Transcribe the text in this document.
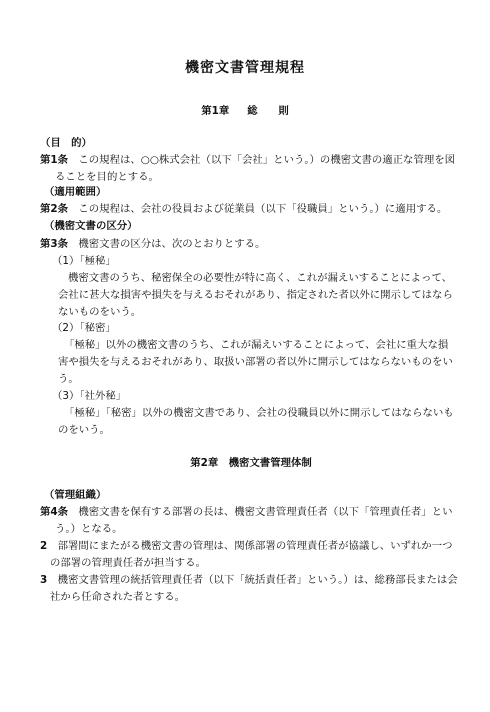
機密文書管理規程
第1章 総　　則
（目　的）
第1条　 この規程は、○○株式会社（以下「会社」という。）の機密文書の適正な管理を図
ることを目的とする。
（適用範囲）
第2条　 この規程は、会社の役員および従業員（以下「役職員」という。）に適用する。
（機密文書の区分）
第3条　 機密文書の区分は、次のとおりとする。
（1）「極秘」
機密文書のうち、秘密保全の必要性が特に高く、これが漏えいすることによって、
会社に甚大な損害や損失を与えるおそれがあり、指定された者以外に開示してはなら
ないものをいう。
（2）「秘密」
「極秘」以外の機密文書のうち、これが漏えいすることによって、会社に重大な損
害や損失を与えるおそれがあり、取扱い部署の者以外に開示してはならないものをい
う。
（3）「社外秘」
「極秘」「秘密」以外の機密文書であり、会社の役職員以外に開示してはならないも
のをいう。
第2章　 機密文書管理体制
（管理組織）
第4条　 機密文書を保有する部署の長は、機密文書管理責任者（以下「管理責任者」とい
う。）となる。
2　 部署間にまたがる機密文書の管理は、関係部署の管理責任者が協議し、いずれか一つ
の部署の管理責任者が担当する。
3　 機密文書管理の統括管理責任者（以下「統括責任者」という。）は、総務部長または会
社から任命された者とする。
